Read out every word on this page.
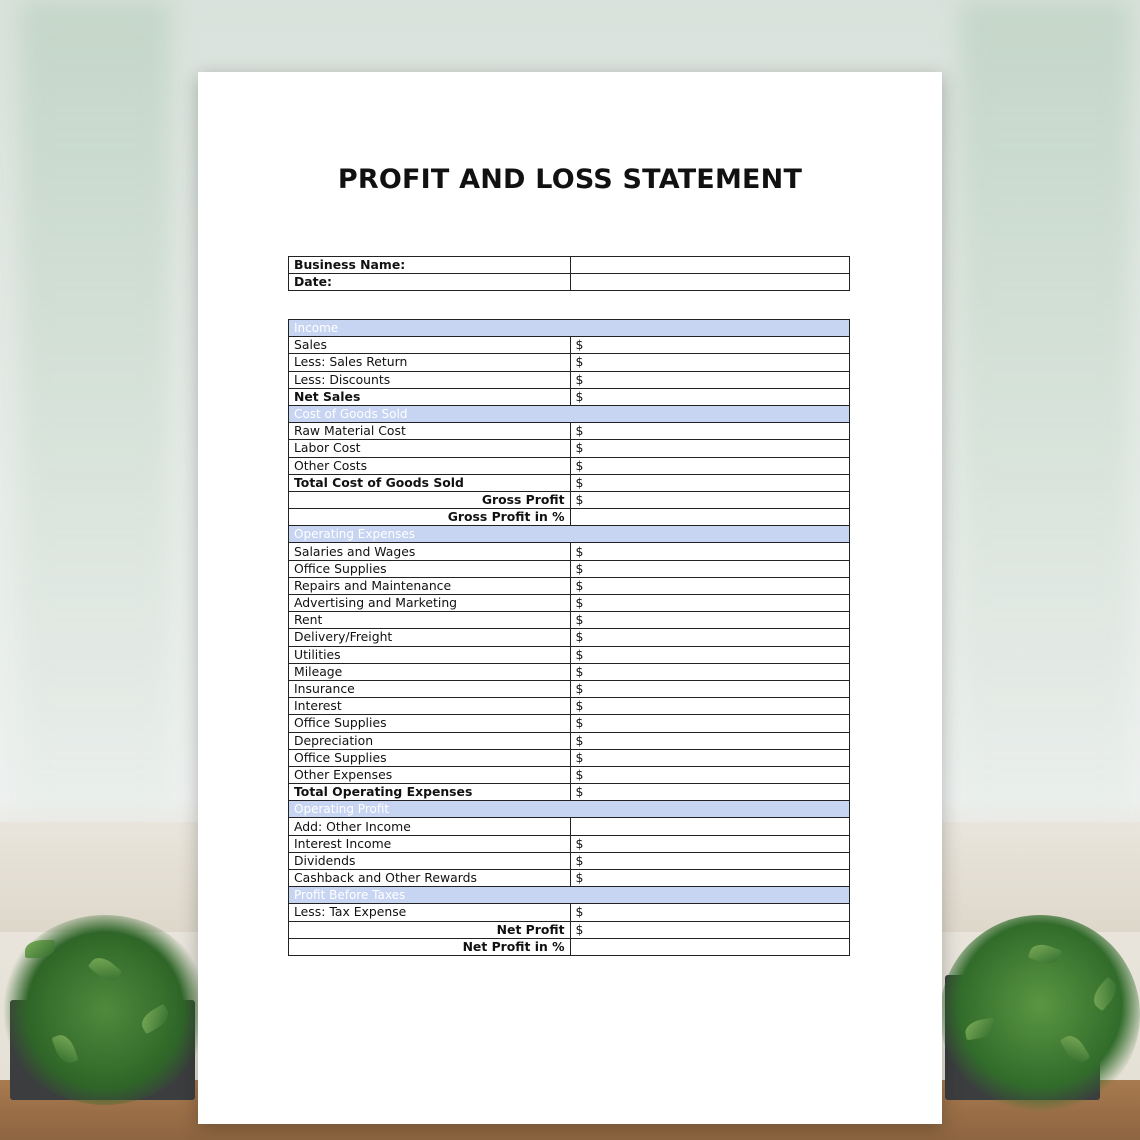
PROFIT AND LOSS STATEMENT
Business Name:	
Date:	
Income	
Sales	$
Less: Sales Return	$
Less: Discounts	$
Net Sales	$
Cost of Goods Sold	
Raw Material Cost	$
Labor Cost	$
Other Costs	$
Total Cost of Goods Sold	$
Gross Profit	$
Gross Profit in %	
Operating Expenses	
Salaries and Wages	$
Office Supplies	$
Repairs and Maintenance	$
Advertising and Marketing	$
Rent	$
Delivery/Freight	$
Utilities	$
Mileage	$
Insurance	$
Interest	$
Office Supplies	$
Depreciation	$
Office Supplies	$
Other Expenses	$
Total Operating Expenses	$
Operating Profit	
Add: Other Income	
Interest Income	$
Dividends	$
Cashback and Other Rewards	$
Profit Before Taxes	
Less: Tax Expense	$
Net Profit	$
Net Profit in %	
